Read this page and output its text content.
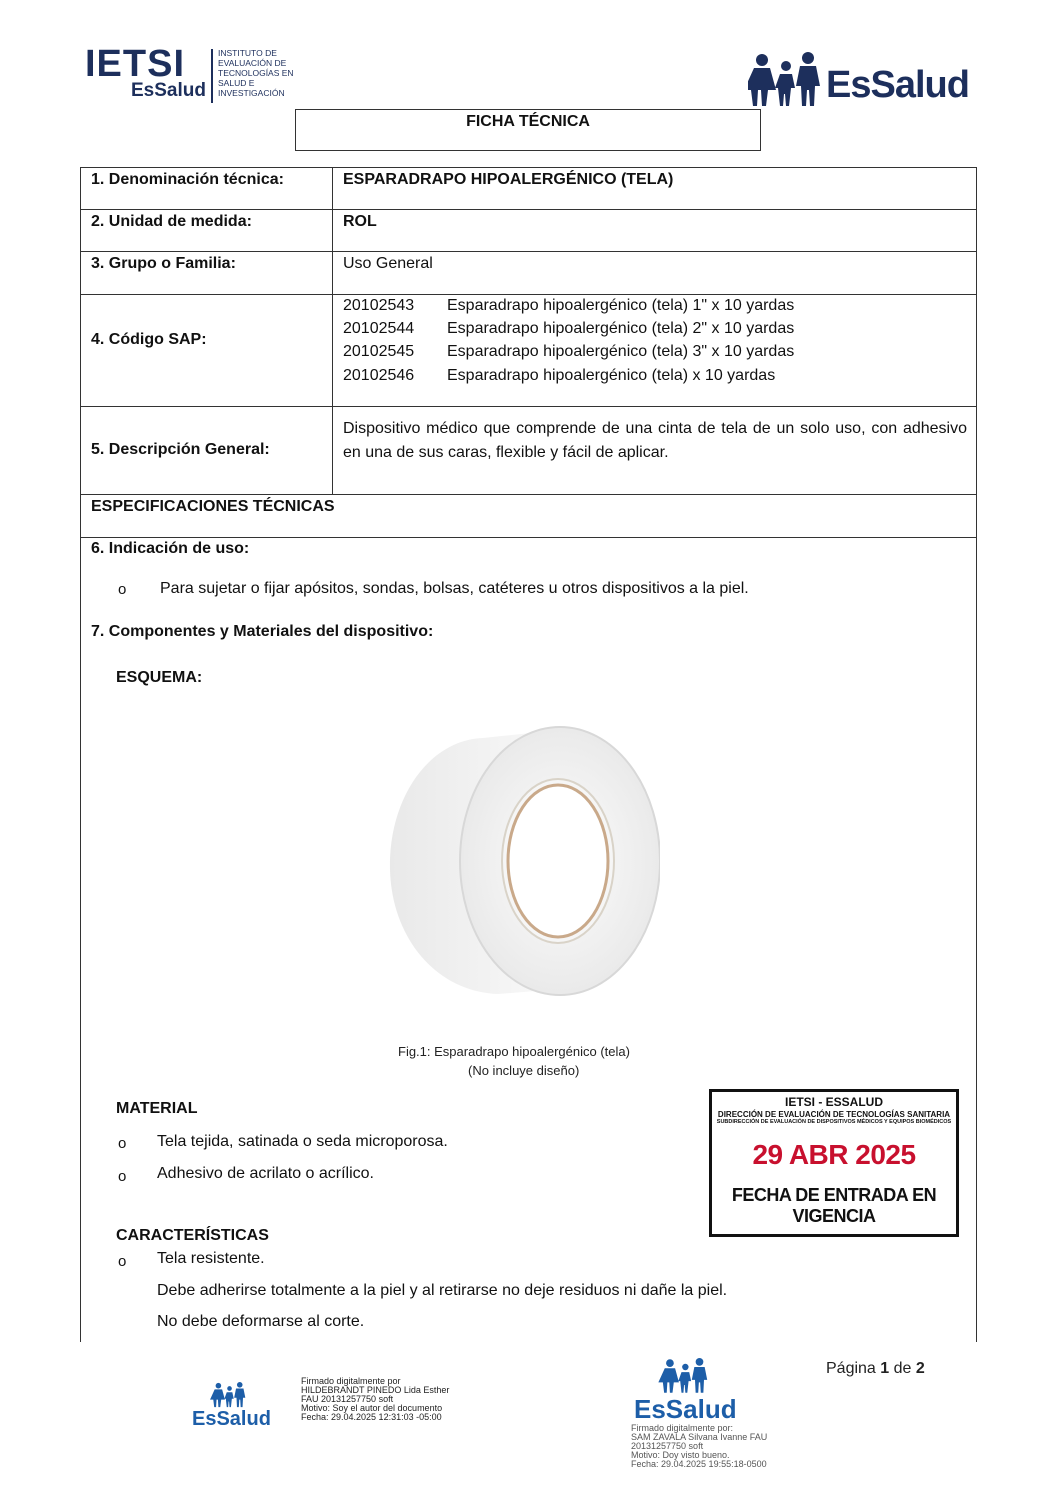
IETSI
EsSalud
INSTITUTO DE EVALUACIÓN DE TECNOLOGÍAS EN SALUD E INVESTIGACIÓN	EsSalud
FICHA TÉCNICA
1. Denominación técnica:	ESPARADRAPO HIPOALERGÉNICO (TELA)
2. Unidad de medida:	ROL
3. Grupo o Familia:	Uso General
4. Código SAP:
20102543 Esparadrapo hipoalergénico (tela) 1" x 10 yardas
20102544 Esparadrapo hipoalergénico (tela) 2" x 10 yardas
20102545 Esparadrapo hipoalergénico (tela) 3" x 10 yardas
20102546 Esparadrapo hipoalergénico (tela) x 10 yardas
5. Descripción General:
Dispositivo médico que comprende de una cinta de tela de un solo uso, con adhesivo en una de sus caras, flexible y fácil de aplicar.
ESPECIFICACIONES TÉCNICAS
6. Indicación de uso:
o Para sujetar o fijar apósitos, sondas, bolsas, catéteres u otros dispositivos a la piel.
7. Componentes y Materiales del dispositivo:
ESQUEMA:
Fig.1: Esparadrapo hipoalergénico (tela)
(No incluye diseño)
MATERIAL
o Tela tejida, satinada o seda microporosa.
o Adhesivo de acrilato o acrílico.
CARACTERÍSTICAS
o Tela resistente.
Debe adherirse totalmente a la piel y al retirarse no deje residuos ni dañe la piel.
No debe deformarse al corte.
IETSI - ESSALUD
DIRECCIÓN DE EVALUACIÓN DE TECNOLOGÍAS SANITARIA
SUBDIRECCIÓN DE EVALUACIÓN DE DISPOSITIVOS MÉDICOS Y EQUIPOS BIOMÉDICOS
29 ABR 2025
FECHA DE ENTRADA EN VIGENCIA
EsSalud
Firmado digitalmente por
HILDEBRANDT PINEDO Lida Esther
FAU 20131257750 soft
Motivo: Soy el autor del documento
Fecha: 29.04.2025 12:31:03 -05:00	EsSalud
Firmado digitalmente por:
SAM ZAVALA Silvana Ivanne FAU
20131257750 soft
Motivo: Doy visto bueno.
Fecha: 29.04.2025 19:55:18-0500
Página 1 de 2
